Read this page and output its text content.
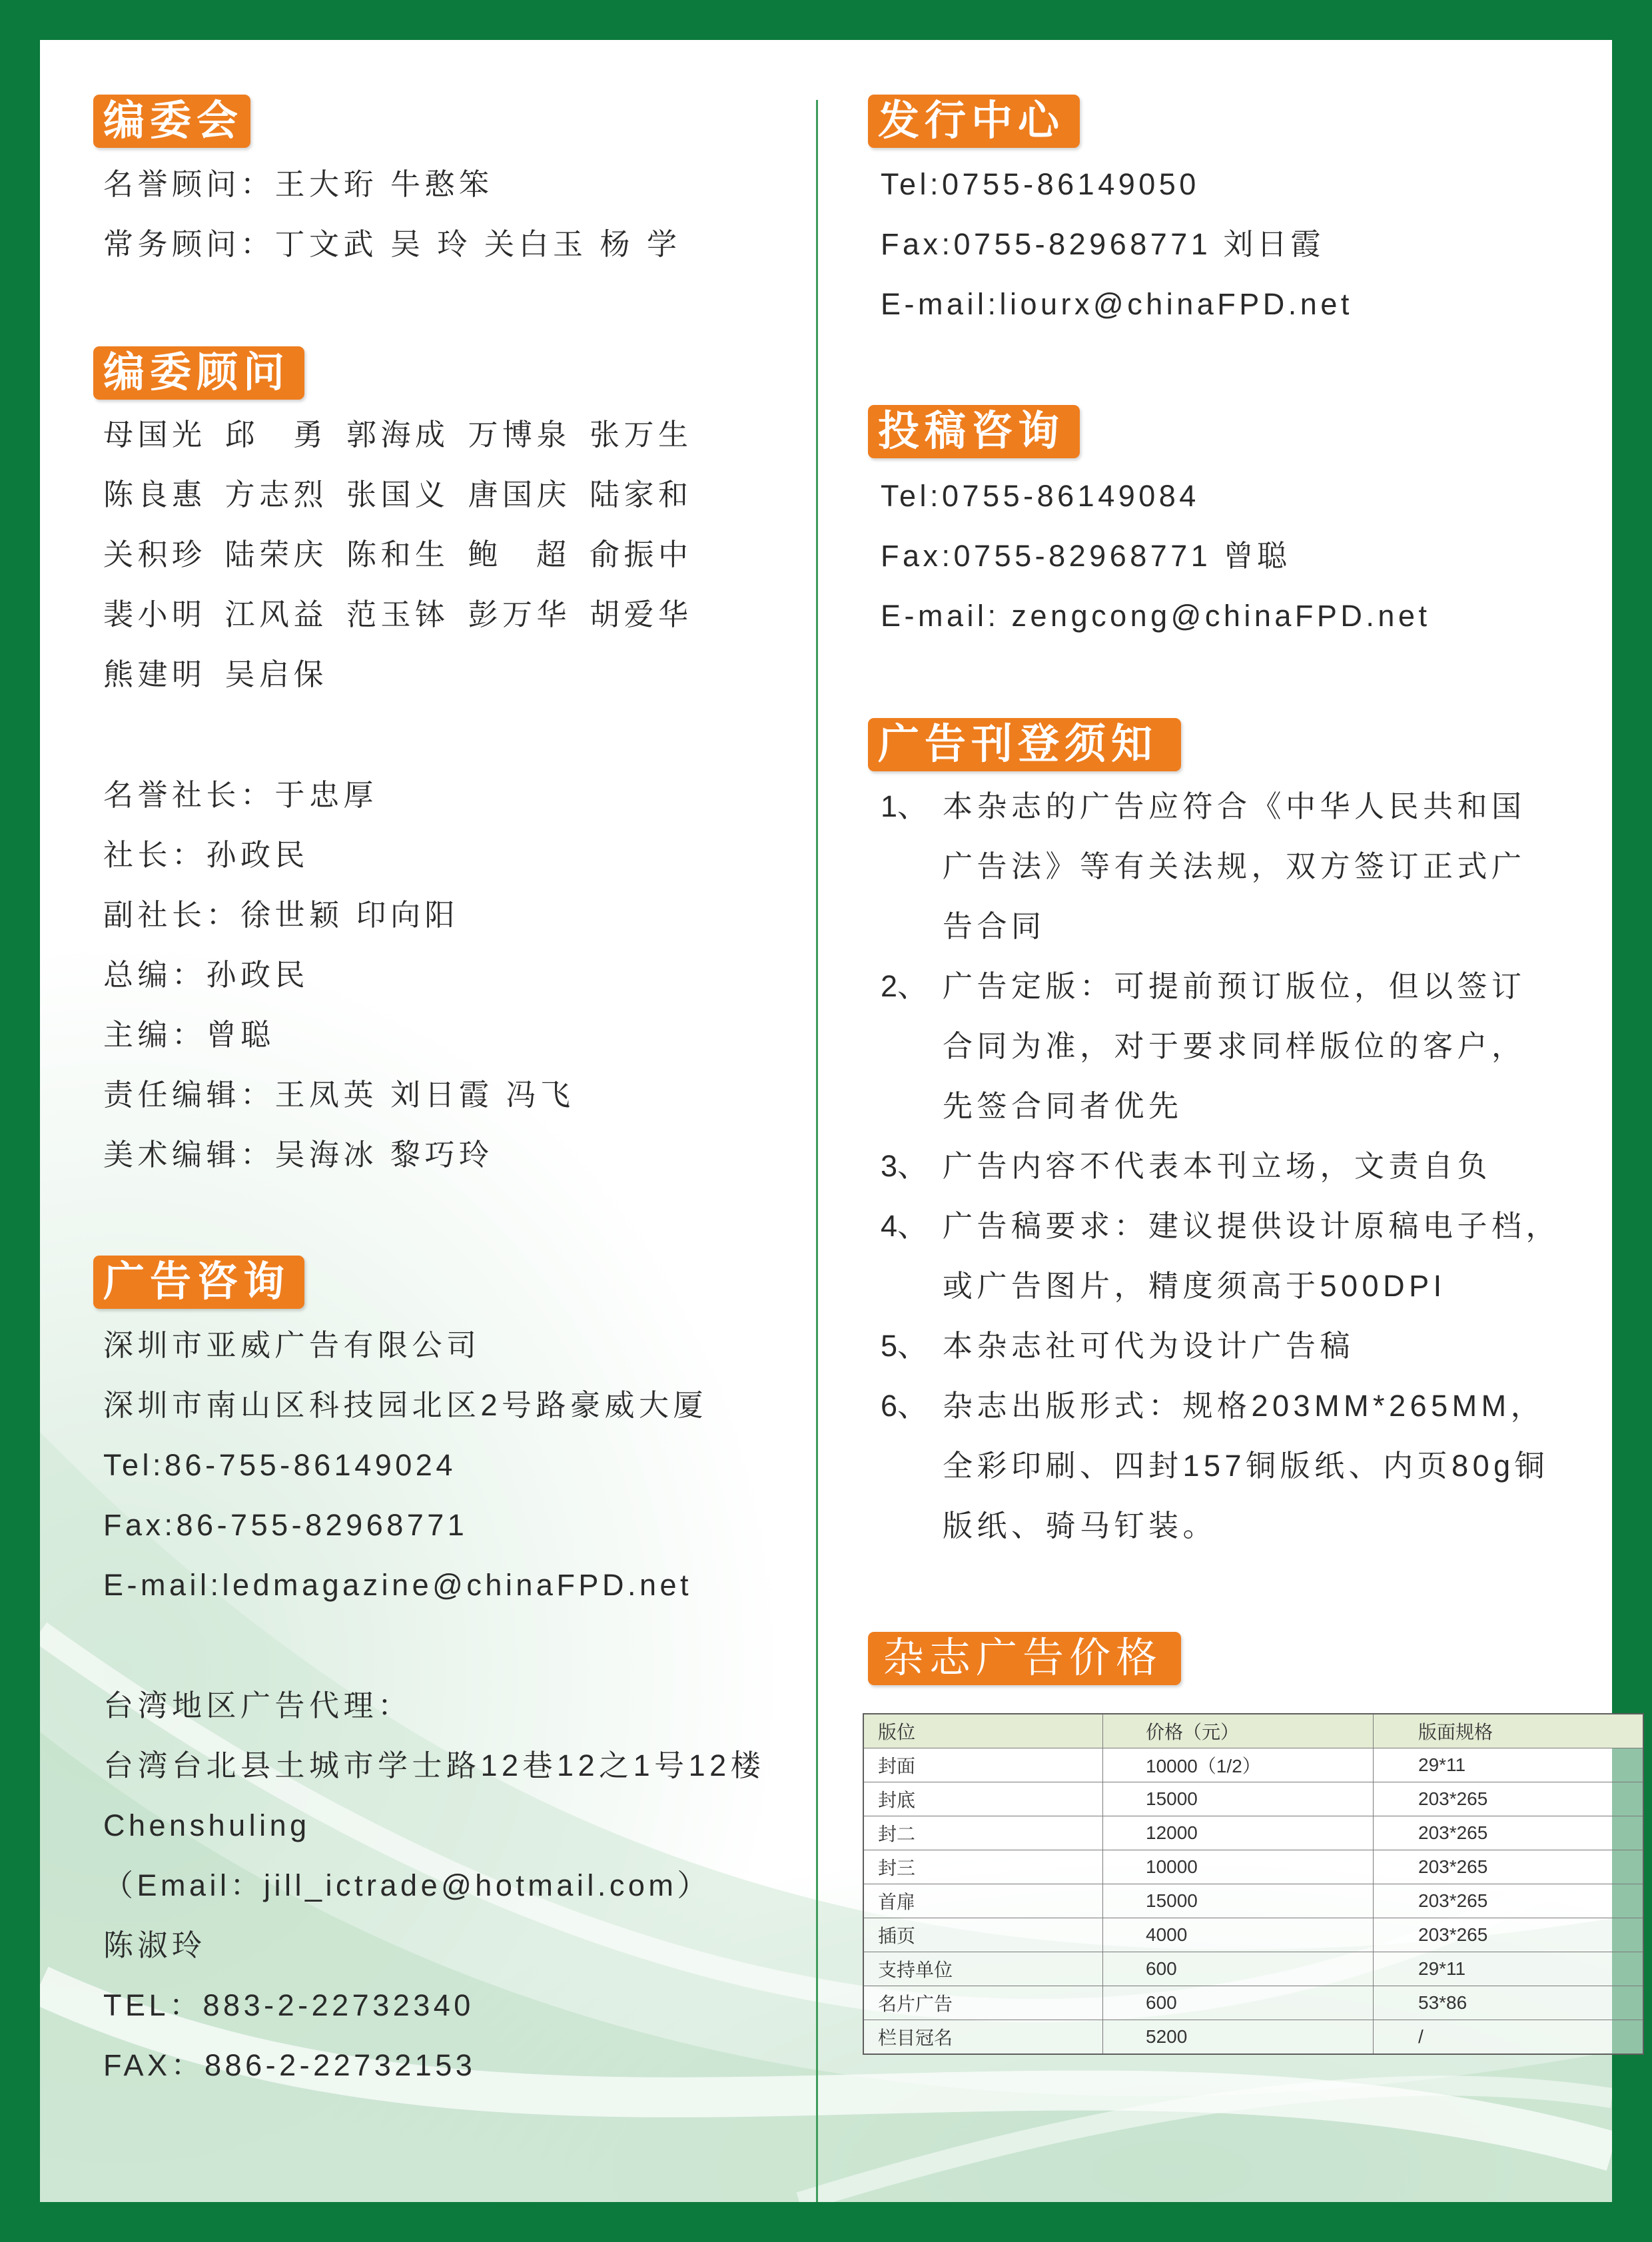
编委会
名誉顾问：王大珩 牛憨笨
常务顾问：丁文武 吴 玲 关白玉 杨 学
编委顾问
母国光 邱 勇 郭海成 万博泉 张万生
陈良惠 方志烈 张国义 唐国庆 陆家和
关积珍 陆荣庆 陈和生 鲍 超 俞振中
裴小明 江风益 范玉钵 彭万华 胡爱华
熊建明 吴启保
名誉社长：于忠厚
社长：孙政民
副社长：徐世颖 印向阳
总编：孙政民
主编：曾聪
责任编辑：王凤英 刘日霞 冯飞
美术编辑：吴海冰 黎巧玲
广告咨询
深圳市亚威广告有限公司
深圳市南山区科技园北区2号路豪威大厦
Tel:86-755-86149024
Fax:86-755-82968771
E-mail:ledmagazine@chinaFPD.net
台湾地区广告代理：
台湾台北县土城市学士路12巷12之1号12楼
Chenshuling
（Email：jill_ictrade@hotmail.com）
陈淑玲
TEL：883-2-22732340
FAX：886-2-22732153
发行中心
Tel:0755-86149050
Fax:0755-82968771 刘日霞
E-mail:liourx@chinaFPD.net
投稿咨询
Tel:0755-86149084
Fax:0755-82968771 曾聪
E-mail: zengcong@chinaFPD.net
广告刊登须知
1、 本杂志的广告应符合《中华人民共和国
广告法》等有关法规，双方签订正式广
告合同
2、 广告定版：可提前预订版位，但以签订
合同为准，对于要求同样版位的客户，
先签合同者优先
3、 广告内容不代表本刊立场，文责自负
4、 广告稿要求：建议提供设计原稿电子档，
或广告图片，精度须高于500DPI
5、 本杂志社可代为设计广告稿
6、 杂志出版形式：规格203MM*265MM，
全彩印刷、四封157铜版纸、内页80g铜
版纸、骑马钉装。
杂志广告价格
版位	价格（元）	版面规格
封面	10000（1/2）	29*11
封底	15000	203*265
封二	12000	203*265
封三	10000	203*265
首扉	15000	203*265
插页	4000	203*265
支持单位	600	29*11
名片广告	600	53*86
栏目冠名	5200	/
